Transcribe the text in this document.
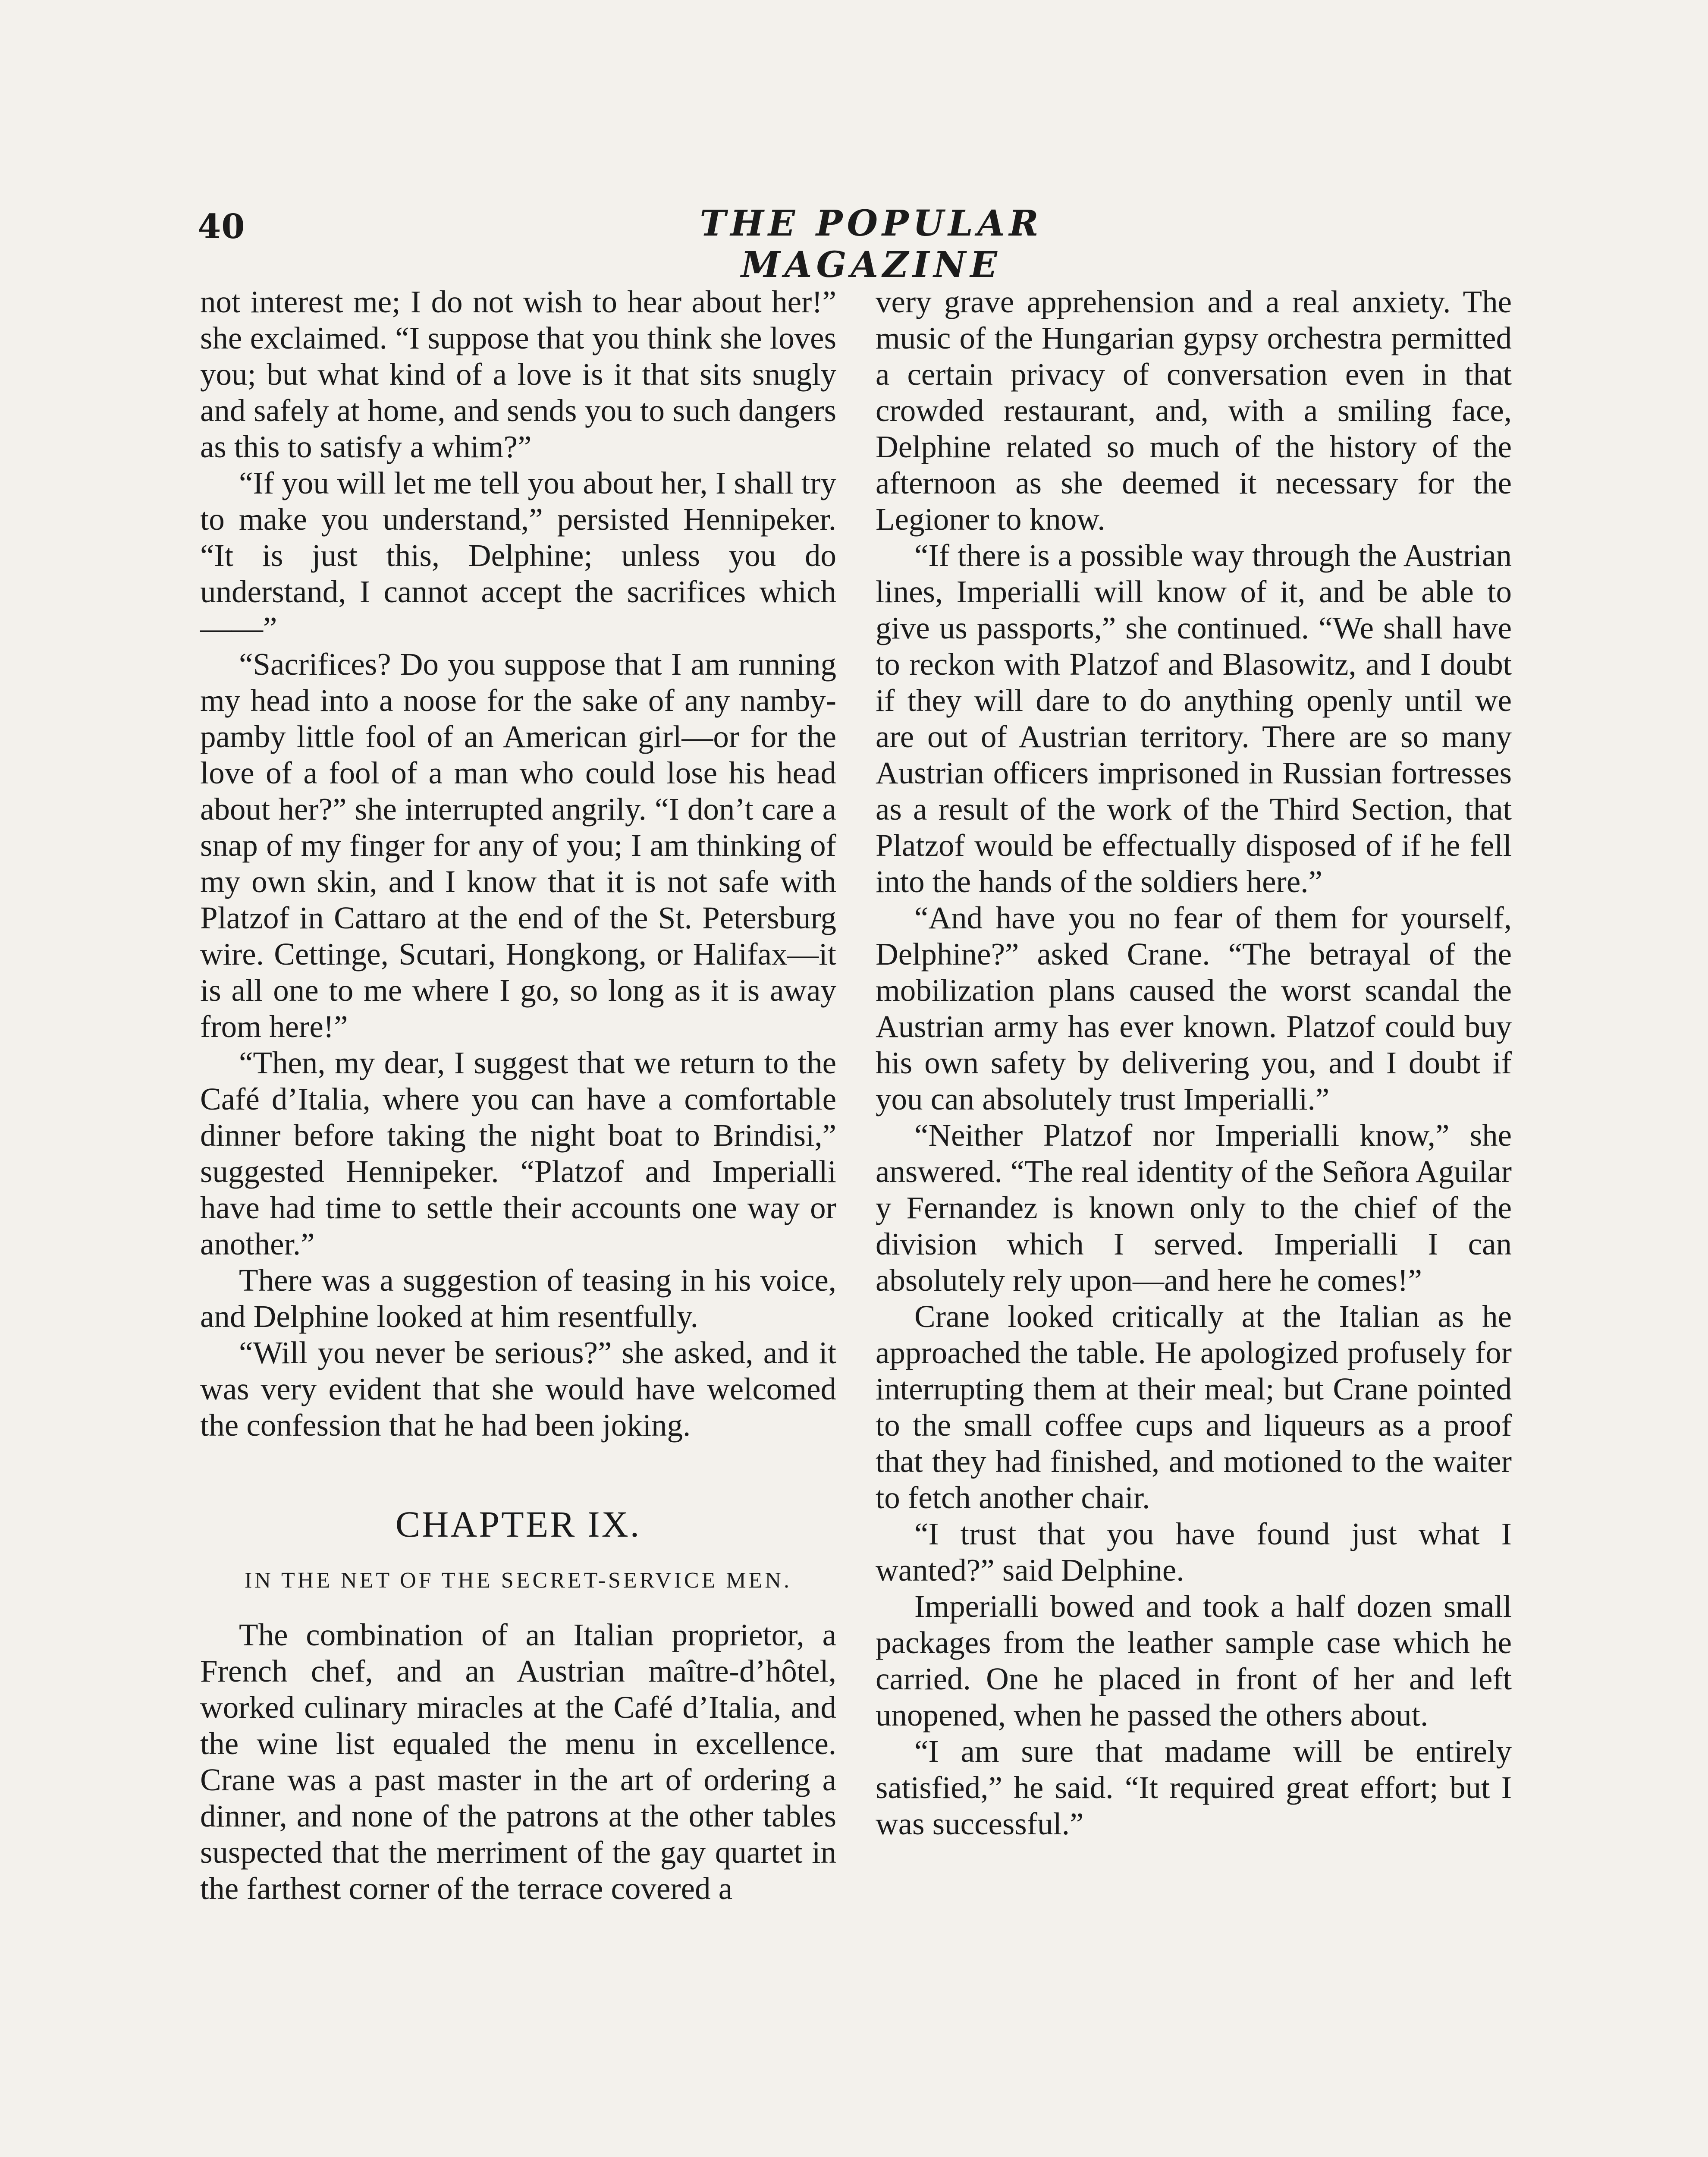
40	THE POPULAR MAGAZINE

not interest me; I do not wish to hear about her!” she exclaimed. “I suppose that you think she loves you; but what kind of a love is it that sits snugly and safely at home, and sends you to such dangers as this to satisfy a whim?”

“If you will let me tell you about her, I shall try to make you understand,” persisted Hennipeker. “It is just this, Delphine; unless you do understand, I cannot accept the sacrifices which——”

“Sacrifices? Do you suppose that I am running my head into a noose for the sake of any namby-pamby little fool of an American girl—or for the love of a fool of a man who could lose his head about her?” she interrupted angrily. “I don’t care a snap of my finger for any of you; I am thinking of my own skin, and I know that it is not safe with Platzof in Cattaro at the end of the St. Petersburg wire. Cettinge, Scutari, Hongkong, or Halifax—it is all one to me where I go, so long as it is away from here!”

“Then, my dear, I suggest that we return to the Café d’Italia, where you can have a comfortable dinner before taking the night boat to Brindisi,” suggested Hennipeker. “Platzof and Imperialli have had time to settle their accounts one way or another.”

There was a suggestion of teasing in his voice, and Delphine looked at him resentfully.

“Will you never be serious?” she asked, and it was very evident that she would have welcomed the confession that he had been joking.

CHAPTER IX.
IN THE NET OF THE SECRET-SERVICE MEN.

The combination of an Italian proprietor, a French chef, and an Austrian maître-d’hôtel, worked culinary miracles at the Café d’Italia, and the wine list equaled the menu in excellence. Crane was a past master in the art of ordering a dinner, and none of the patrons at the other tables suspected that the merriment of the gay quartet in the farthest corner of the terrace covered a

very grave apprehension and a real anxiety. The music of the Hungarian gypsy orchestra permitted a certain privacy of conversation even in that crowded restaurant, and, with a smiling face, Delphine related so much of the history of the afternoon as she deemed it necessary for the Legioner to know.

“If there is a possible way through the Austrian lines, Imperialli will know of it, and be able to give us passports,” she continued. “We shall have to reckon with Platzof and Blasowitz, and I doubt if they will dare to do anything openly until we are out of Austrian territory. There are so many Austrian officers imprisoned in Russian fortresses as a result of the work of the Third Section, that Platzof would be effectually disposed of if he fell into the hands of the soldiers here.”

“And have you no fear of them for yourself, Delphine?” asked Crane. “The betrayal of the mobilization plans caused the worst scandal the Austrian army has ever known. Platzof could buy his own safety by delivering you, and I doubt if you can absolutely trust Imperialli.”

“Neither Platzof nor Imperialli know,” she answered. “The real identity of the Señora Aguilar y Fernandez is known only to the chief of the division which I served. Imperialli I can absolutely rely upon—and here he comes!”

Crane looked critically at the Italian as he approached the table. He apologized profusely for interrupting them at their meal; but Crane pointed to the small coffee cups and liqueurs as a proof that they had finished, and motioned to the waiter to fetch another chair.

“I trust that you have found just what I wanted?” said Delphine.

Imperialli bowed and took a half dozen small packages from the leather sample case which he carried. One he placed in front of her and left unopened, when he passed the others about.

“I am sure that madame will be entirely satisfied,” he said. “It required great effort; but I was successful.”
